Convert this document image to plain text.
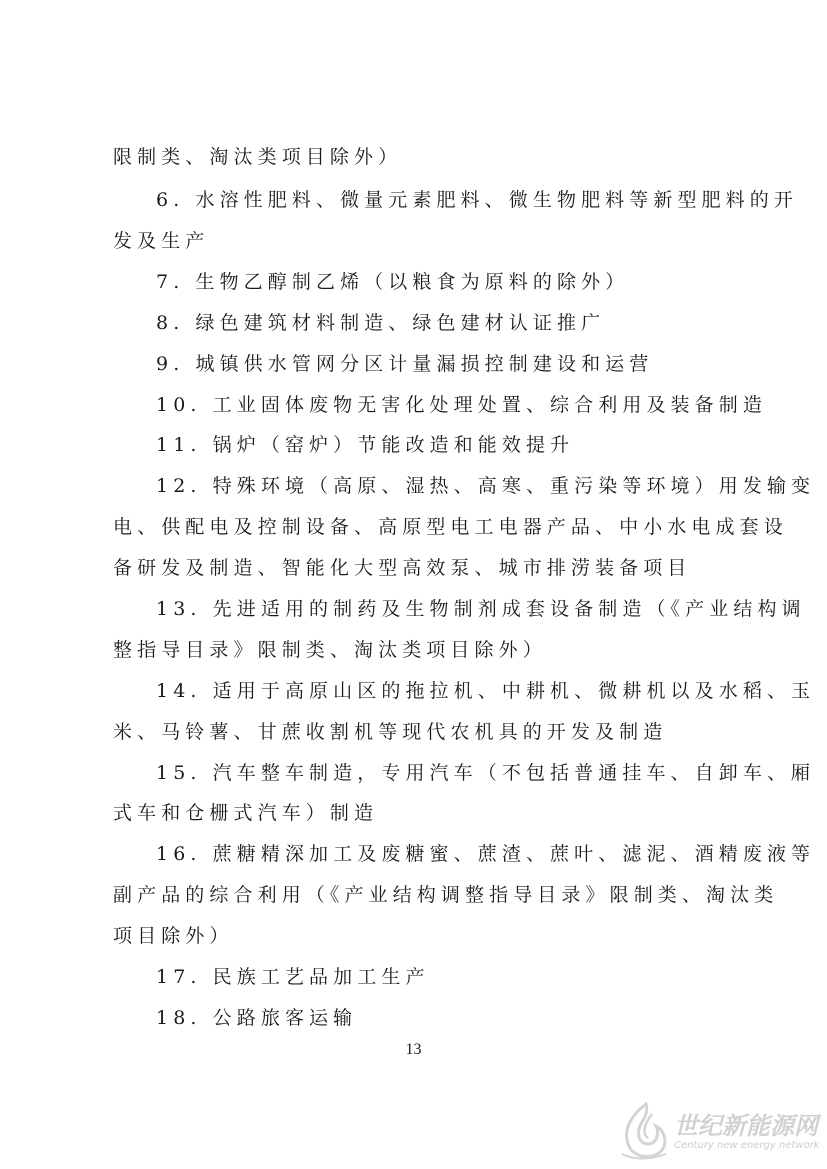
限制类、淘汰类项目除外）
6. 水溶性肥料、微量元素肥料、微生物肥料等新型肥料的开
发及生产
7. 生物乙醇制乙烯（以粮食为原料的除外）
8. 绿色建筑材料制造、绿色建材认证推广
9. 城镇供水管网分区计量漏损控制建设和运营
10. 工业固体废物无害化处理处置、综合利用及装备制造
11. 锅炉（窑炉）节能改造和能效提升
12. 特殊环境（高原、湿热、高寒、重污染等环境）用发输变
电、供配电及控制设备、高原型电工电器产品、中小水电成套设
备研发及制造、智能化大型高效泵、城市排涝装备项目
13. 先进适用的制药及生物制剂成套设备制造（《产业结构调
整指导目录》限制类、淘汰类项目除外）
14. 适用于高原山区的拖拉机、中耕机、微耕机以及水稻、玉
米、马铃薯、甘蔗收割机等现代农机具的开发及制造
15. 汽车整车制造，专用汽车（不包括普通挂车、自卸车、厢
式车和仓栅式汽车）制造
16. 蔗糖精深加工及废糖蜜、蔗渣、蔗叶、滤泥、酒精废液等
副产品的综合利用（《产业结构调整指导目录》限制类、淘汰类
项目除外）
17. 民族工艺品加工生产
18. 公路旅客运输
13
世纪新能源网
Century new energy network
